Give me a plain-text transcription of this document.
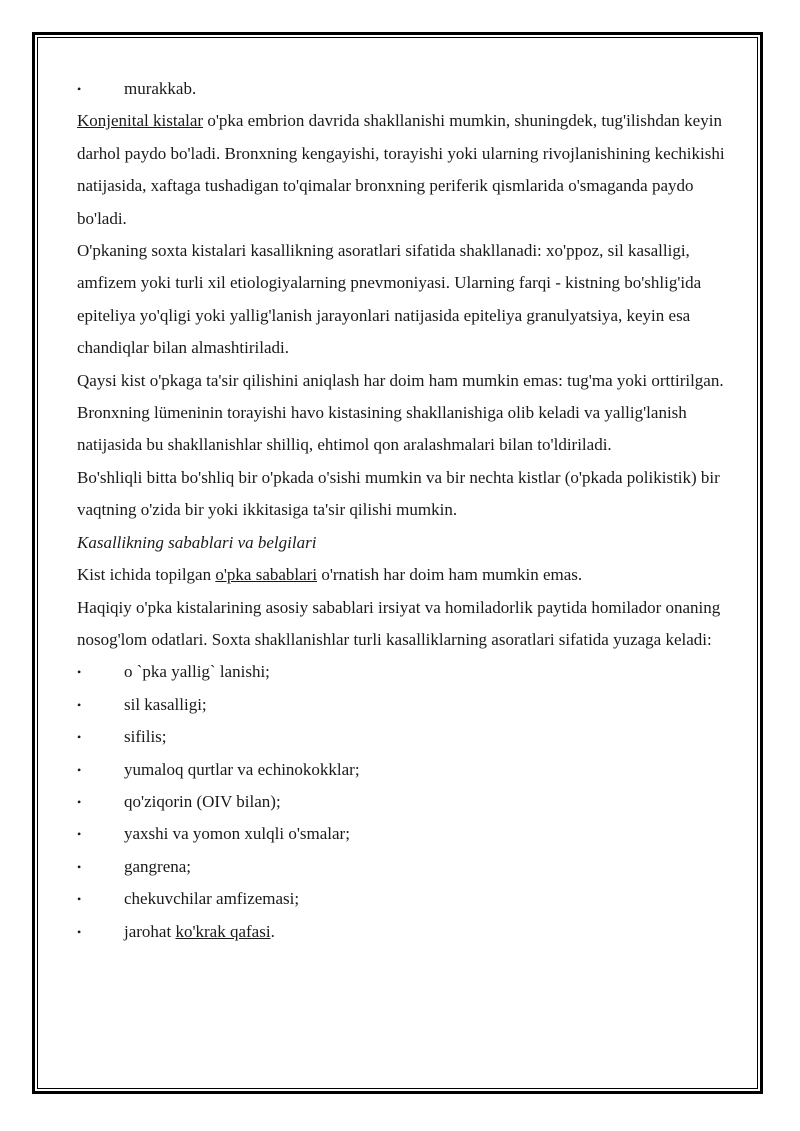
•	murakkab.

Konjenital kistalar o'pka embrion davrida shakllanishi mumkin, shuningdek, tug'ilishdan keyin darhol paydo bo'ladi. Bronxning kengayishi, torayishi yoki ularning rivojlanishining kechikishi natijasida, xaftaga tushadigan to'qimalar bronxning periferik qismlarida o'smaganda paydo bo'ladi.

O'pkaning soxta kistalari kasallikning asoratlari sifatida shakllanadi: xo'ppoz, sil kasalligi, amfizem yoki turli xil etiologiyalarning pnevmoniyasi. Ularning farqi - kistning bo'shlig'ida epiteliya yo'qligi yoki yallig'lanish jarayonlari natijasida epiteliya granulyatsiya, keyin esa chandiqlar bilan almashtiriladi.

Qaysi kist o'pkaga ta'sir qilishini aniqlash har doim ham mumkin emas: tug'ma yoki orttirilgan. Bronxning lümeninin torayishi havo kistasining shakllanishiga olib keladi va yallig'lanish natijasida bu shakllanishlar shilliq, ehtimol qon aralashmalari bilan to'ldiriladi.

Bo'shliqli bitta bo'shliq bir o'pkada o'sishi mumkin va bir nechta kistlar (o'pkada polikistik) bir vaqtning o'zida bir yoki ikkitasiga ta'sir qilishi mumkin.

Kasallikning sabablari va belgilari

Kist ichida topilgan o'pka sabablari o'rnatish har doim ham mumkin emas.

Haqiqiy o'pka kistalarining asosiy sabablari irsiyat va homiladorlik paytida homilador onaning nosog'lom odatlari. Soxta shakllanishlar turli kasalliklarning asoratlari sifatida yuzaga keladi:

•	o `pka yallig` lanishi;
•	sil kasalligi;
•	sifilis;
•	yumaloq qurtlar va echinokokklar;
•	qo'ziqorin (OIV bilan);
•	yaxshi va yomon xulqli o'smalar;
•	gangrena;
•	chekuvchilar amfizemasi;
•	jarohat ko'krak qafasi.
